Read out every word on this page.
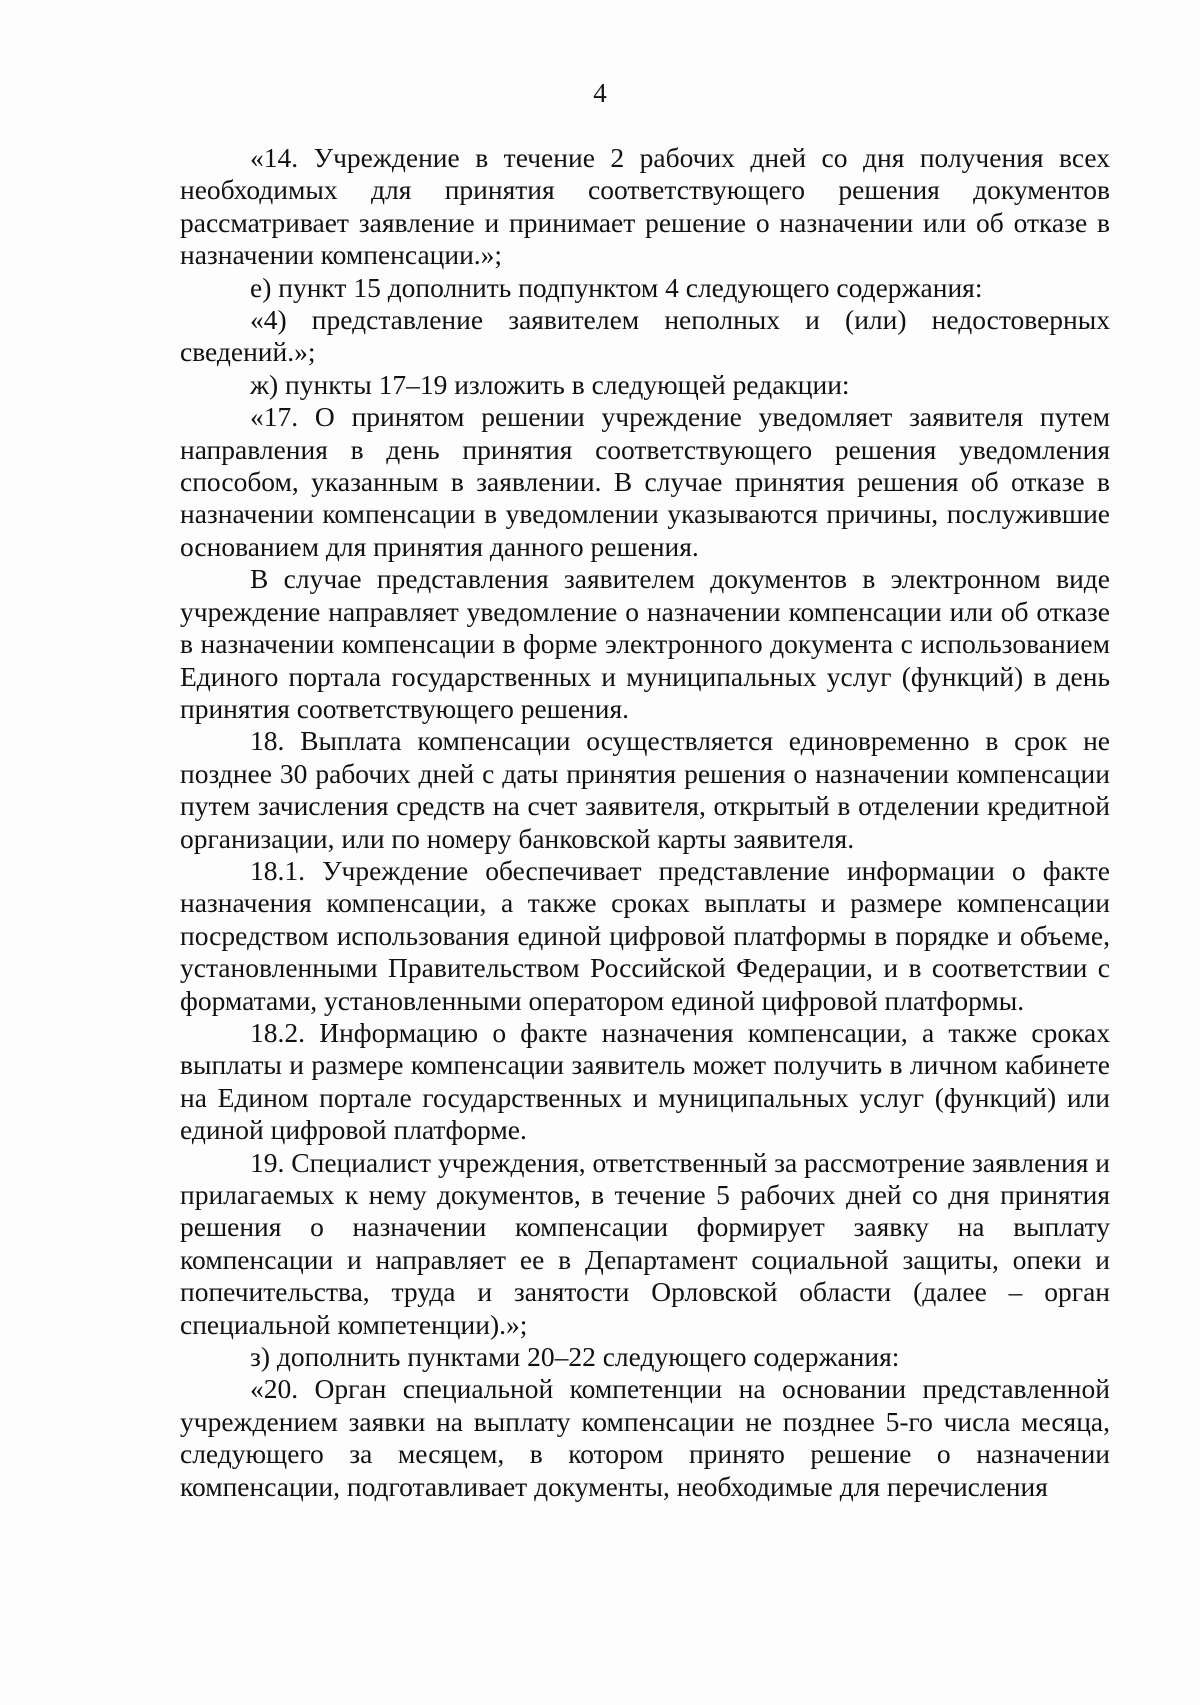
4

«14. Учреждение в течение 2 рабочих дней со дня получения всех необходимых для принятия соответствующего решения документов рассматривает заявление и принимает решение о назначении или об отказе в назначении компенсации.»;

е) пункт 15 дополнить подпунктом 4 следующего содержания:

«4) представление заявителем неполных и (или) недостоверных сведений.»;

ж) пункты 17–19 изложить в следующей редакции:

«17. О принятом решении учреждение уведомляет заявителя путем направления в день принятия соответствующего решения уведомления способом, указанным в заявлении. В случае принятия решения об отказе в назначении компенсации в уведомлении указываются причины, послужившие основанием для принятия данного решения.

В случае представления заявителем документов в электронном виде учреждение направляет уведомление о назначении компенсации или об отказе в назначении компенсации в форме электронного документа с использованием Единого портала государственных и муниципальных услуг (функций) в день принятия соответствующего решения.

18. Выплата компенсации осуществляется единовременно в срок не позднее 30 рабочих дней с даты принятия решения о назначении компенсации путем зачисления средств на счет заявителя, открытый в отделении кредитной организации, или по номеру банковской карты заявителя.

18.1. Учреждение обеспечивает представление информации о факте назначения компенсации, а также сроках выплаты и размере компенсации посредством использования единой цифровой платформы в порядке и объеме, установленными Правительством Российской Федерации, и в соответствии с форматами, установленными оператором единой цифровой платформы.

18.2. Информацию о факте назначения компенсации, а также сроках выплаты и размере компенсации заявитель может получить в личном кабинете на Едином портале государственных и муниципальных услуг (функций) или единой цифровой платформе.

19. Специалист учреждения, ответственный за рассмотрение заявления и прилагаемых к нему документов, в течение 5 рабочих дней со дня принятия решения о назначении компенсации формирует заявку на выплату компенсации и направляет ее в Департамент социальной защиты, опеки и попечительства, труда и занятости Орловской области (далее – орган специальной компетенции).»;

з) дополнить пунктами 20–22 следующего содержания:

«20. Орган специальной компетенции на основании представленной учреждением заявки на выплату компенсации не позднее 5-го числа месяца, следующего за месяцем, в котором принято решение о назначении компенсации, подготавливает документы, необходимые для перечисления
